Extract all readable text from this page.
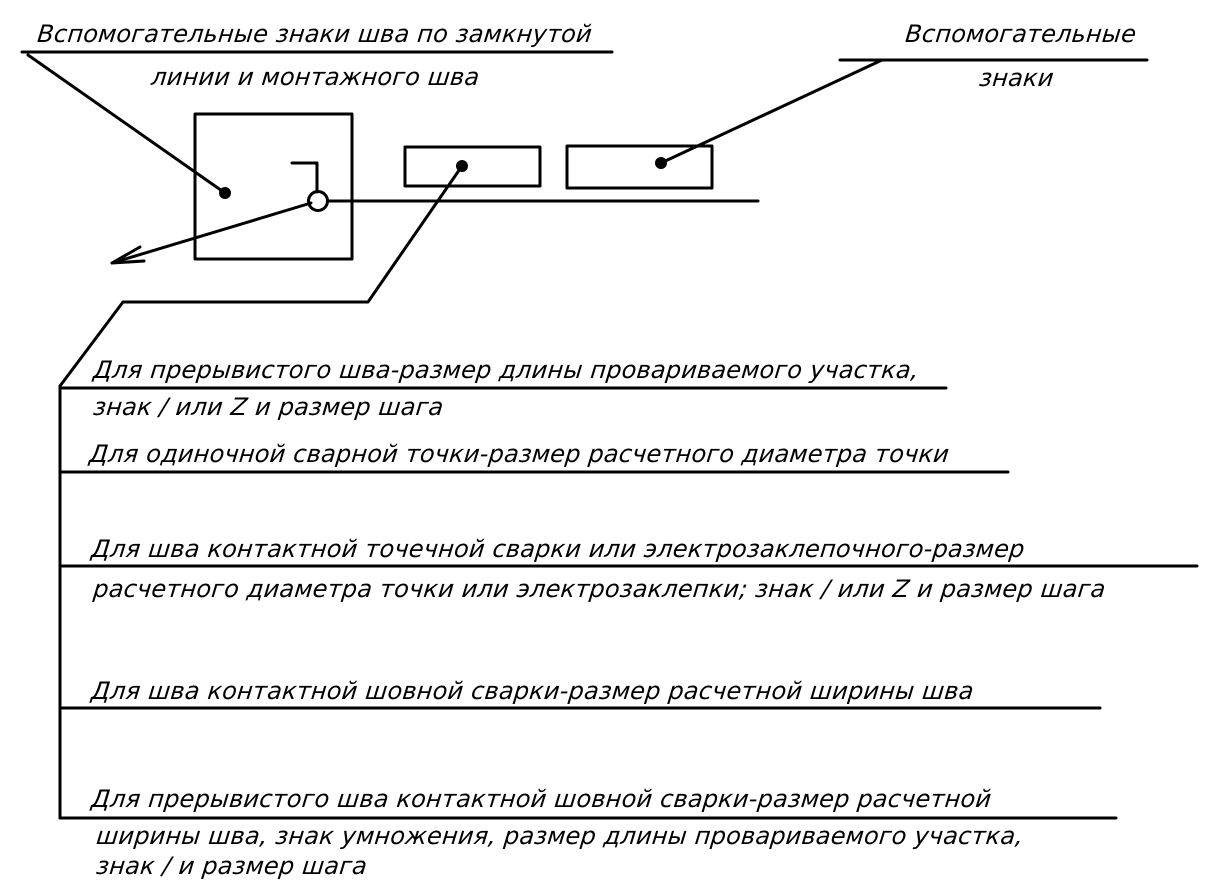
Вспомогательные знаки шва по замкнутой
линии и монтажного шва
Вспомогательные
знаки
Для прерывистого шва-размер длины проваривaемого участка,
знак / или Z и размер шага
Для одиночной сварной точки-размер расчетного диаметра точки
Для шва контактной точечной сварки или электрозаклепочного-размер
расчетного диаметра точки или электрозаклепки; знак / или Z и размер шага
Для шва контактной шовной сварки-размер расчетной ширины шва
Для прерывистого шва контактной шовной сварки-размер расчетной
ширины шва, знак умножения, размер длины проваривaемого участка,
знак / и размер шага
